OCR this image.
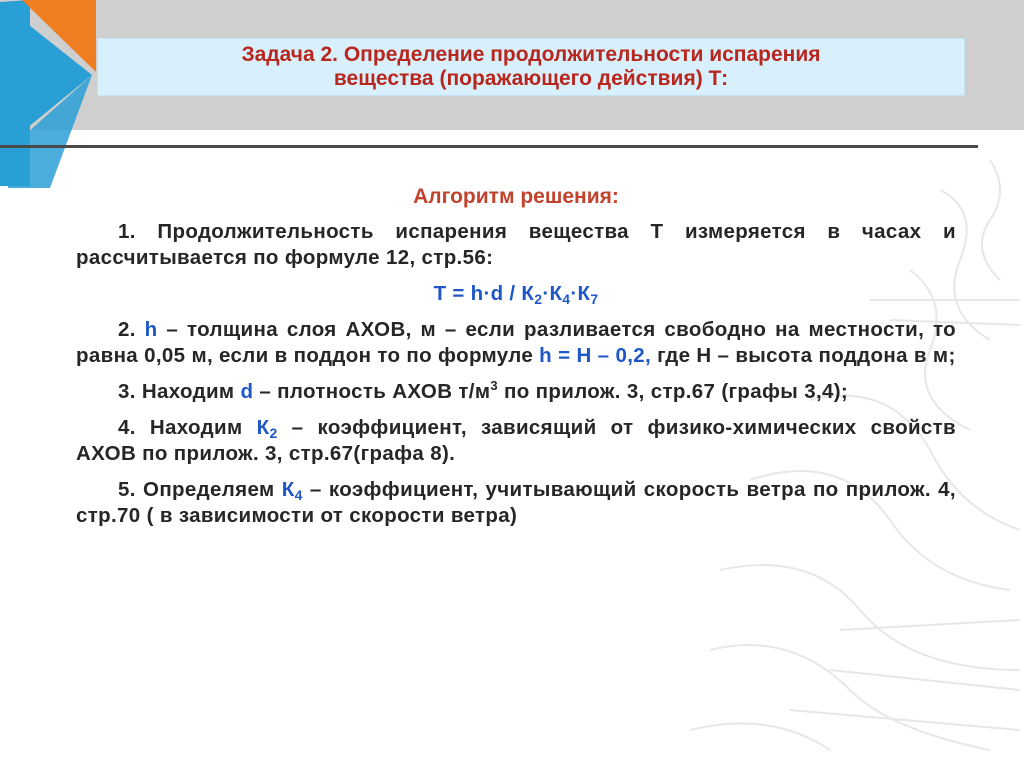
Задача 2. Определение продолжительности испарения
вещества (поражающего действия) Т:
Алгоритм решения:
1. Продолжительность испарения вещества Т измеряется в часах и рассчитывается по формуле 12, стр.56:
$Т = h\cdot d / К_2\cdot К_4\cdot К_7$
2. h – толщина слоя АХОВ, м – если разливается свободно на местности, то равна 0,05 м, если в поддон то по формуле h = H – 0,2, где Н – высота поддона в м;
3. Находим d – плотность АХОВ $т/м^3$ по прилож. 3, стр.67 (графы 3,4);
4. Находим $К_2$ – коэффициент, зависящий от физико-химических свойств АХОВ по прилож. 3, стр.67(графа 8).
5. Определяем $К_4$ – коэффициент, учитывающий скорость ветра по прилож. 4, стр.70 ( в зависимости от скорости ветра)
